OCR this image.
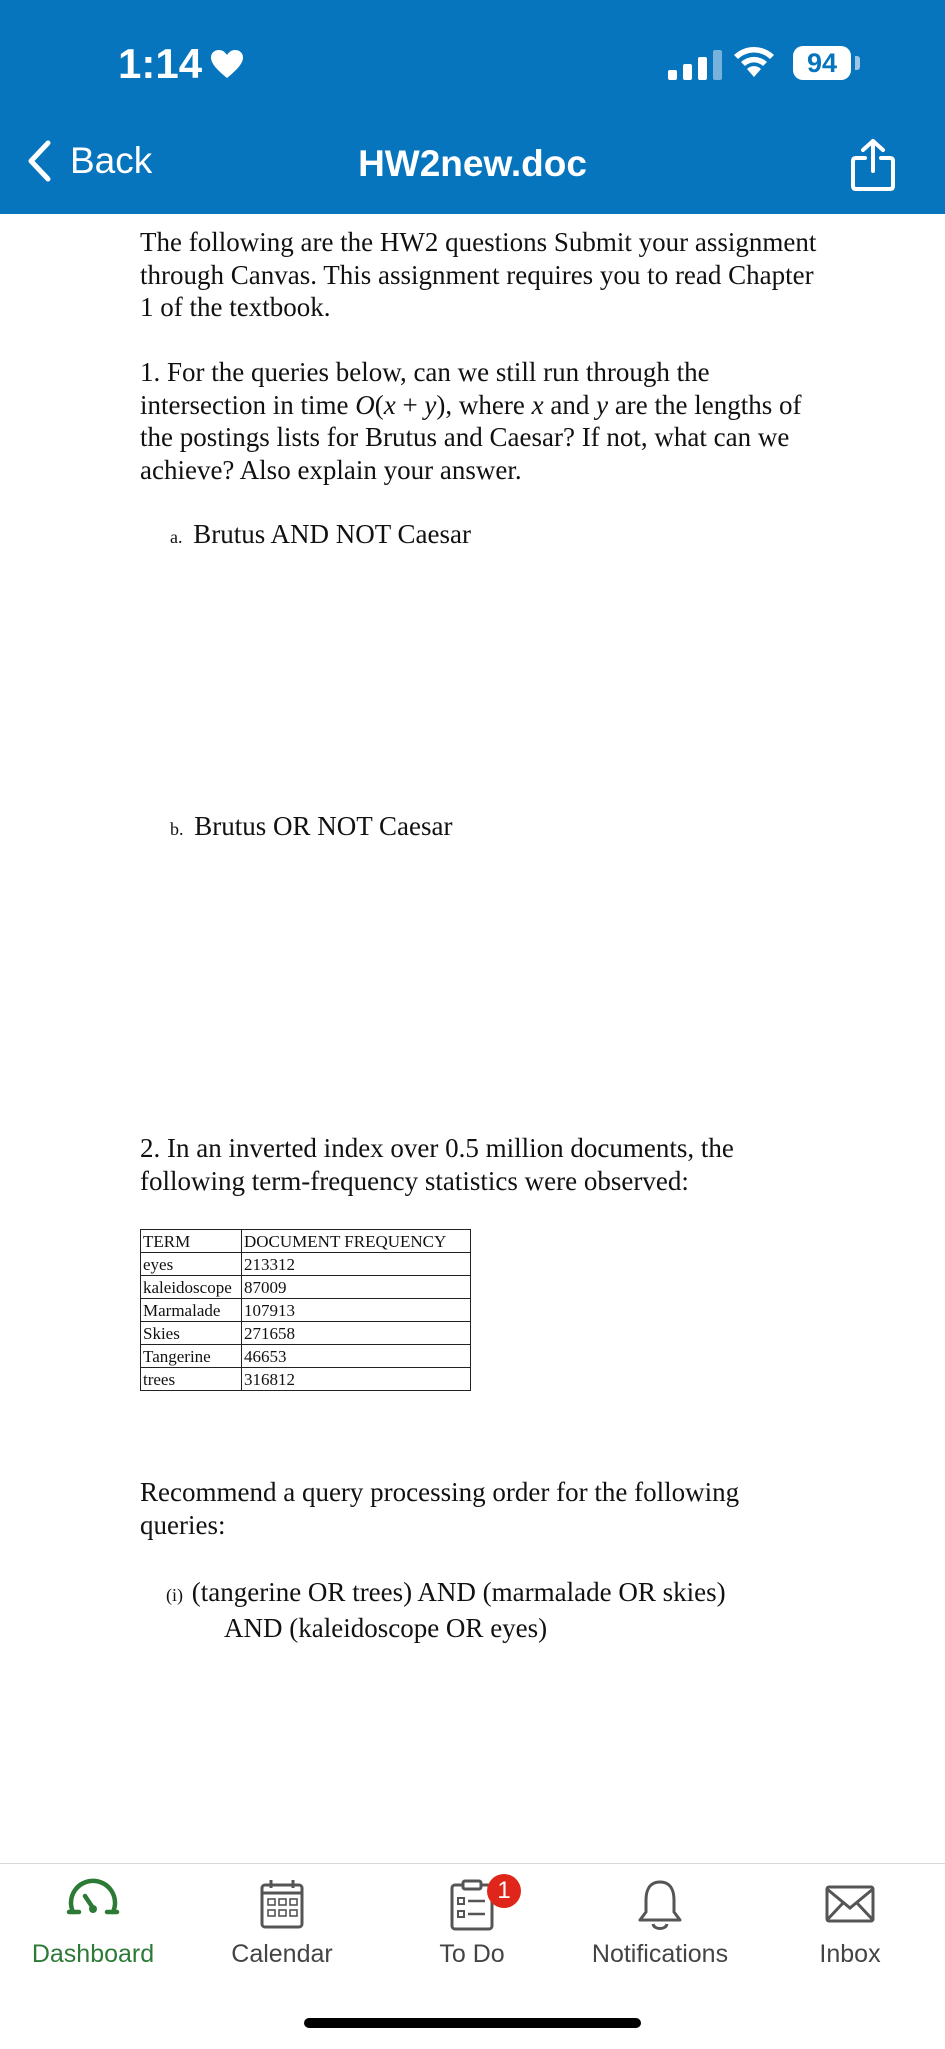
1:14	94
Back	HW2new.doc

The following are the HW2 questions Submit your assignment through Canvas. This assignment requires you to read Chapter 1 of the textbook.

1. For the queries below, can we still run through the intersection in time O(x + y), where x and y are the lengths of the postings lists for Brutus and Caesar? If not, what can we achieve? Also explain your answer.

a. Brutus AND NOT Caesar
b. Brutus OR NOT Caesar

2. In an inverted index over 0.5 million documents, the following term-frequency statistics were observed:

TERM	DOCUMENT FREQUENCY
eyes	213312
kaleidoscope	87009
Marmalade	107913
Skies	271658
Tangerine	46653
trees	316812

Recommend a query processing order for the following queries:

(i) (tangerine OR trees) AND (marmalade OR skies)
AND (kaleidoscope OR eyes)
Dashboard	Calendar
1
To Do	Notifications	Inbox
